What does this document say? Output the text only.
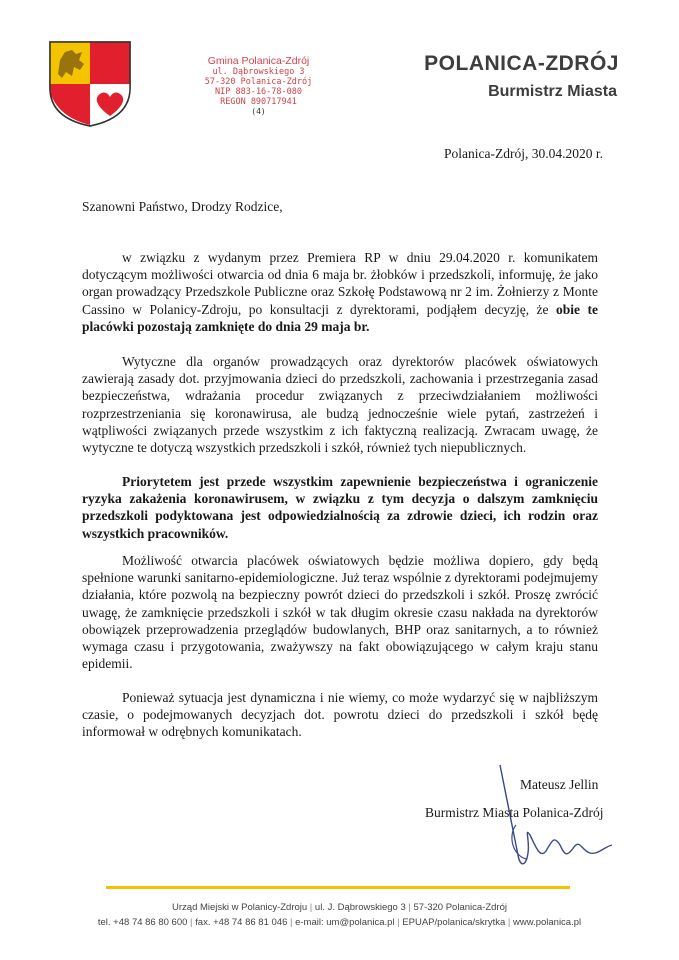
Gmina Polanica-Zdrój
ul. Dąbrowskiego 3
57-320 Polanica-Zdrój
NIP 883-16-78-080
REGON 890717941
(4)
POLANICA-ZDRÓJ
Burmistrz Miasta
Polanica-Zdrój, 30.04.2020 r.
Szanowni Państwo, Drodzy Rodzice,

w związku z wydanym przez Premiera RP w dniu 29.04.2020 r. komunikatem dotyczącym możliwości otwarcia od dnia 6 maja br. żłobków i przedszkoli, informuję, że jako organ prowadzący Przedszkole Publiczne oraz Szkołę Podstawową nr 2 im. Żołnierzy z Monte Cassino w Polanicy-Zdroju, po konsultacji z dyrektorami, podjąłem decyzję, że obie te placówki pozostają zamknięte do dnia 29 maja br.

Wytyczne dla organów prowadzących oraz dyrektorów placówek oświatowych zawierają zasady dot. przyjmowania dzieci do przedszkoli, zachowania i przestrzegania zasad bezpieczeństwa, wdrażania procedur związanych z przeciwdziałaniem możliwości rozprzestrzeniania się koronawirusa, ale budzą jednocześnie wiele pytań, zastrzeżeń i wątpliwości związanych przede wszystkim z ich faktyczną realizacją. Zwracam uwagę, że wytyczne te dotyczą wszystkich przedszkoli i szkół, również tych niepublicznych.

Priorytetem jest przede wszystkim zapewnienie bezpieczeństwa i ograniczenie ryzyka zakażenia koronawirusem, w związku z tym decyzja o dalszym zamknięciu przedszkoli podyktowana jest odpowiedzialnością za zdrowie dzieci, ich rodzin oraz wszystkich pracowników.

Możliwość otwarcia placówek oświatowych będzie możliwa dopiero, gdy będą spełnione warunki sanitarno-epidemiologiczne. Już teraz wspólnie z dyrektorami podejmujemy działania, które pozwolą na bezpieczny powrót dzieci do przedszkoli i szkół. Proszę zwrócić uwagę, że zamknięcie przedszkoli i szkół w tak długim okresie czasu nakłada na dyrektorów obowiązek przeprowadzenia przeglądów budowlanych, BHP oraz sanitarnych, a to również wymaga czasu i przygotowania, zważywszy na fakt obowiązującego w całym kraju stanu epidemii.

Ponieważ sytuacja jest dynamiczna i nie wiemy, co może wydarzyć się w najbliższym czasie, o podejmowanych decyzjach dot. powrotu dzieci do przedszkoli i szkół będę informował w odrębnych komunikatach.

Mateusz Jellin
Burmistrz Miasta Polanica-Zdrój
Urząd Miejski w Polanicy-Zdroju | ul. J. Dąbrowskiego 3 | 57-320 Polanica-Zdrój
tel. +48 74 86 80 600 | fax. +48 74 86 81 046 | e-mail: um@polanica.pl | EPUAP/polanica/skrytka | www.polanica.pl
